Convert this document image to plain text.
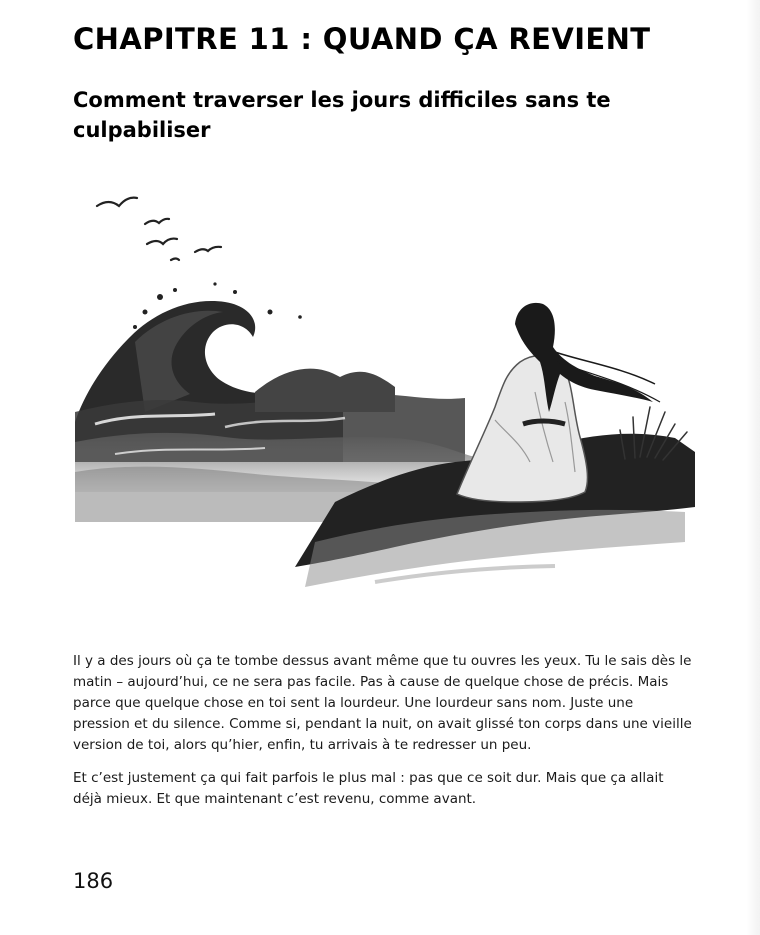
CHAPITRE 11 : QUAND ÇA REVIENT
Comment traverser les jours difficiles sans te culpabiliser

Il y a des jours où ça te tombe dessus avant même que tu ouvres les yeux. Tu le sais dès le matin – aujourd’hui, ce ne sera pas facile. Pas à cause de quelque chose de précis. Mais parce que quelque chose en toi sent la lourdeur. Une lourdeur sans nom. Juste une pression et du silence. Comme si, pendant la nuit, on avait glissé ton corps dans une vieille version de toi, alors qu’hier, enfin, tu arrivais à te redresser un peu.

Et c’est justement ça qui fait parfois le plus mal : pas que ce soit dur. Mais que ça allait déjà mieux. Et que maintenant c’est revenu, comme avant.

186
